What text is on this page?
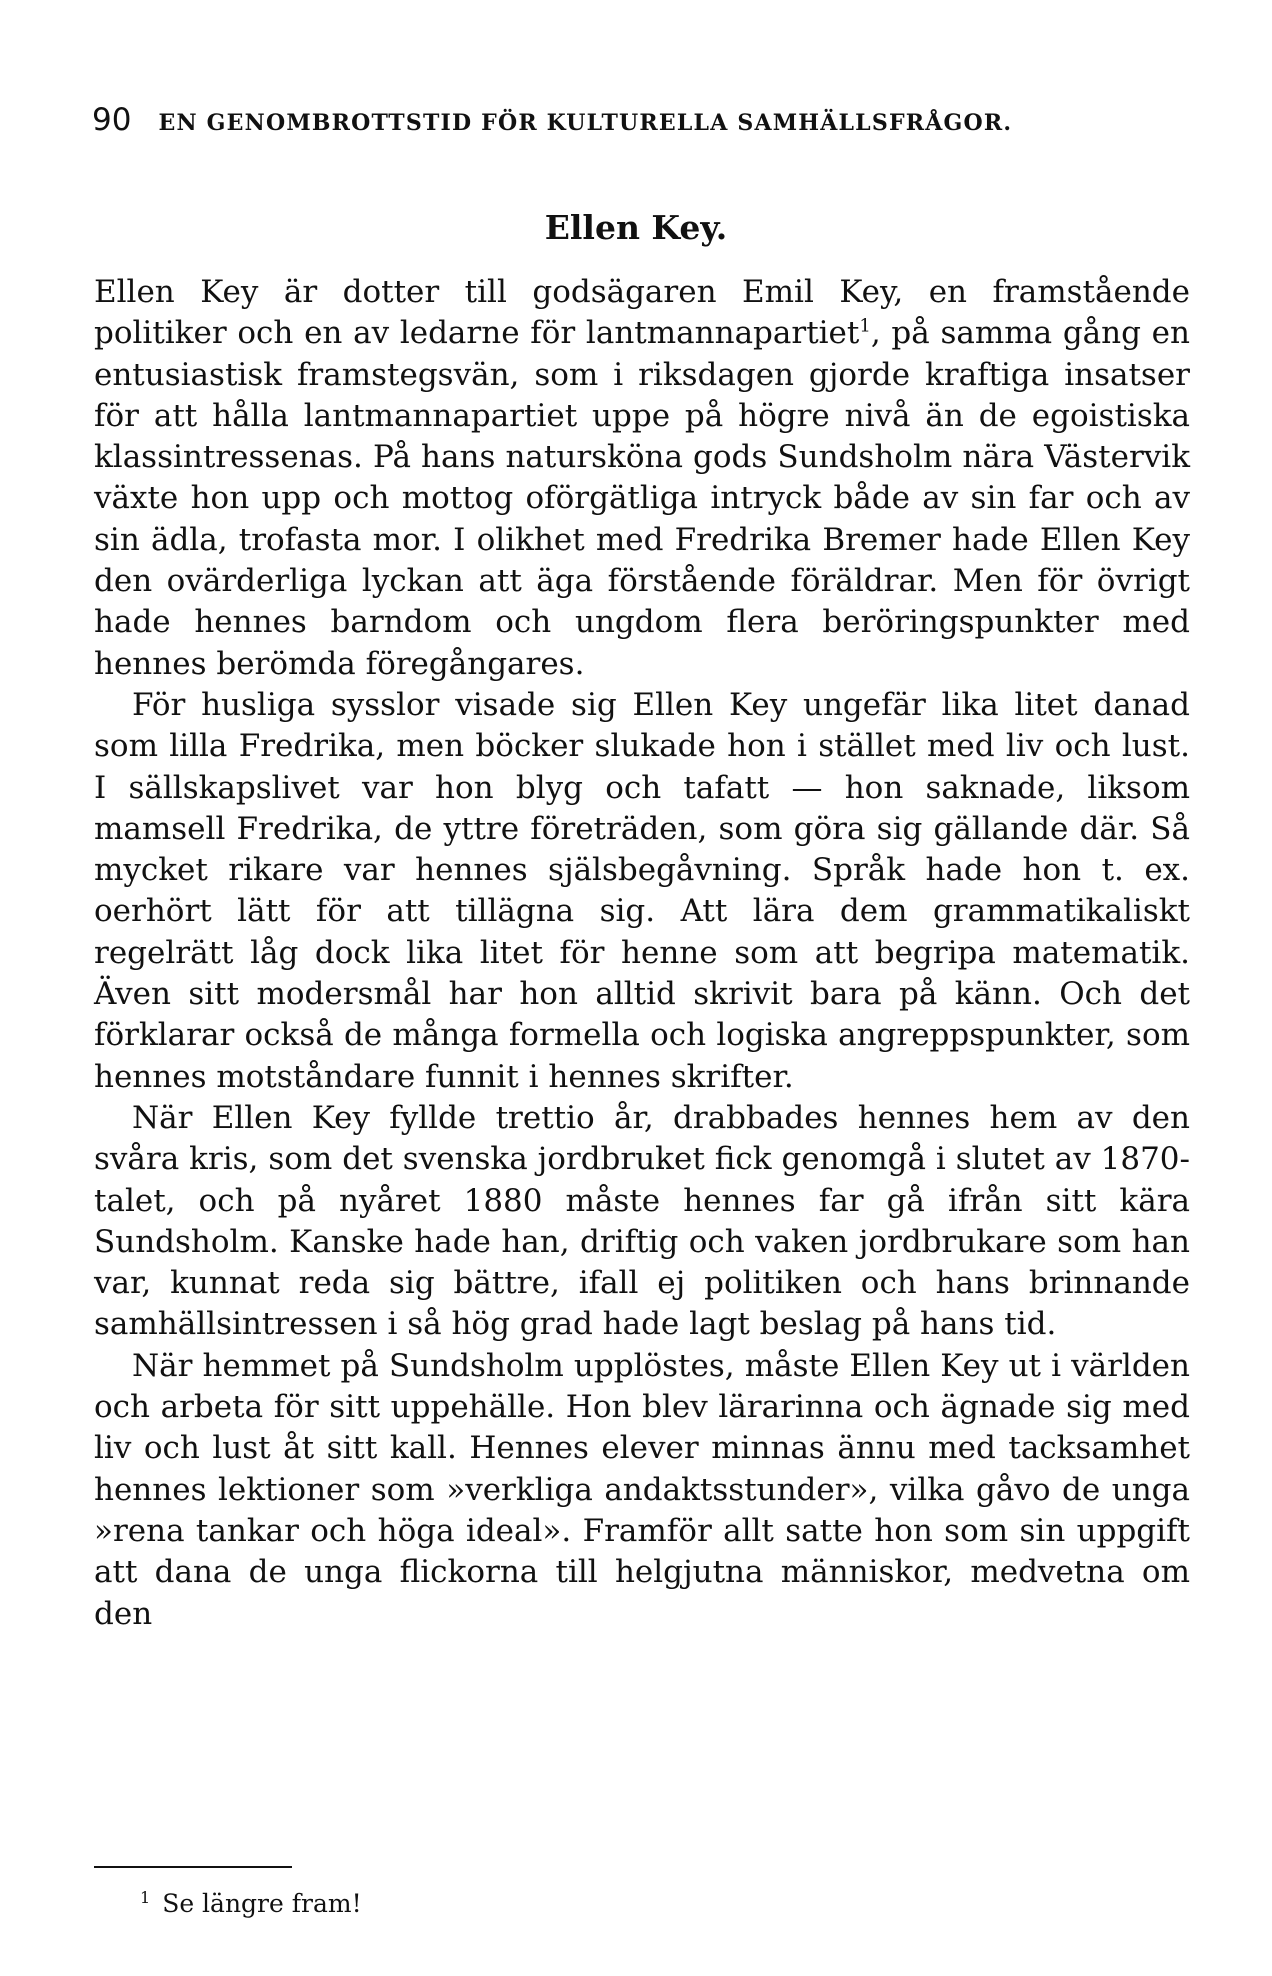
90 EN GENOMBROTTSTID FÖR KULTURELLA SAMHÄLLSFRÅGOR.
Ellen Key.

Ellen Key är dotter till godsägaren Emil Key, en framstående politiker och en av ledarne för lantmannapartiet$^1$, på samma gång en entusiastisk framstegsvän, som i riksdagen gjorde kraftiga insatser för att hålla lantmannapartiet uppe på högre nivå än de egoistiska klassintressenas. På hans natursköna gods Sundsholm nära Västervik växte hon upp och mottog oförgätliga intryck både av sin far och av sin ädla, trofasta mor. I olikhet med Fredrika Bremer hade Ellen Key den ovärderliga lyckan att äga förstående föräldrar. Men för övrigt hade hennes barndom och ungdom flera beröringspunkter med hennes berömda föregångares.

För husliga sysslor visade sig Ellen Key ungefär lika litet danad som lilla Fredrika, men böcker slukade hon i stället med liv och lust. I sällskapslivet var hon blyg och tafatt — hon saknade, liksom mamsell Fredrika, de yttre företräden, som göra sig gällande där. Så mycket rikare var hennes själsbegåvning. Språk hade hon t. ex. oerhört lätt för att tillägna sig. Att lära dem grammatikaliskt regelrätt låg dock lika litet för henne som att begripa matematik. Även sitt modersmål har hon alltid skrivit bara på känn. Och det förklarar också de många formella och logiska angreppspunkter, som hennes motståndare funnit i hennes skrifter.

När Ellen Key fyllde trettio år, drabbades hennes hem av den svåra kris, som det svenska jordbruket fick genomgå i slutet av 1870-talet, och på nyåret 1880 måste hennes far gå ifrån sitt kära Sundsholm. Kanske hade han, driftig och vaken jordbrukare som han var, kunnat reda sig bättre, ifall ej politiken och hans brinnande samhällsintressen i så hög grad hade lagt beslag på hans tid.

När hemmet på Sundsholm upplöstes, måste Ellen Key ut i världen och arbeta för sitt uppehälle. Hon blev lärarinna och ägnade sig med liv och lust åt sitt kall. Hennes elever minnas ännu med tacksamhet hennes lektioner som »verkliga andaktsstunder», vilka gåvo de unga »rena tankar och höga ideal». Framför allt satte hon som sin uppgift att dana de unga flickorna till helgjutna människor, medvetna om den

$^1$ Se längre fram!
